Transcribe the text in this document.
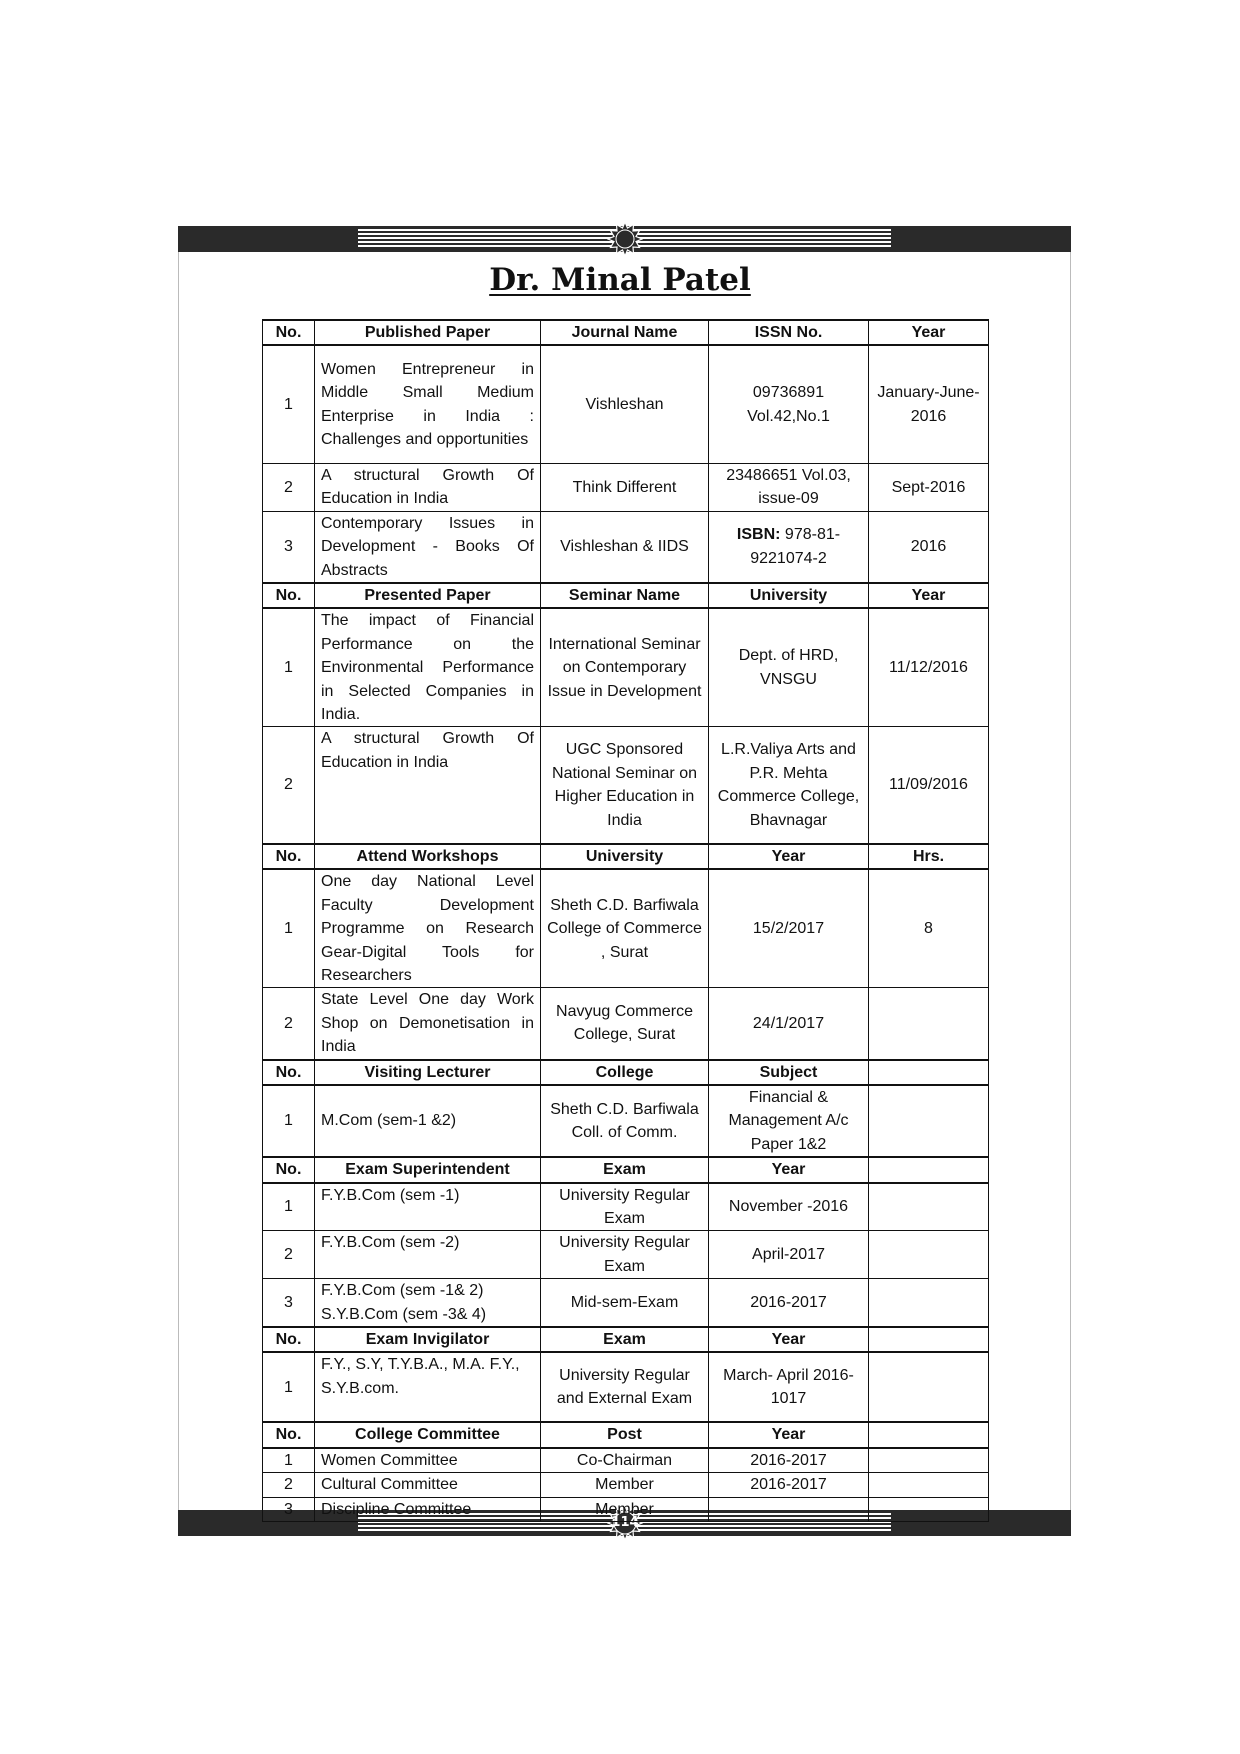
114
Dr. Minal Patel
No.	Published Paper	Journal Name	ISSN No.	Year
1	Women Entrepreneur in Middle Small Medium Enterprise in India : Challenges and opportunities	Vishleshan	09736891 Vol.42,No.1	January-June-2016
2	A structural Growth Of Education in India	Think Different	23486651 Vol.03, issue-09	Sept-2016
3	Contemporary Issues in Development - Books Of Abstracts	Vishleshan & IIDS	ISBN: 978-81-9221074-2	2016
No.	Presented Paper	Seminar Name	University	Year
1	The impact of Financial Performance on the Environmental Performance in Selected Companies in India.	International Seminar on Contemporary Issue in Development	Dept. of HRD, VNSGU	11/12/2016
2	A structural Growth Of Education in India	UGC Sponsored National Seminar on Higher Education in India	L.R.Valiya Arts and P.R. Mehta Commerce College, Bhavnagar	11/09/2016
No.	Attend Workshops	University	Year	Hrs.
1	One day National Level Faculty Development Programme on Research Gear-Digital Tools for Researchers	Sheth C.D. Barfiwala College of Commerce , Surat	15/2/2017	8
2	State Level One day Work Shop on Demonetisation in India	Navyug Commerce College, Surat	24/1/2017	
No.	Visiting Lecturer	College	Subject	
1	M.Com (sem-1 &2)	Sheth C.D. Barfiwala Coll. of Comm.	Financial & Management A/c Paper 1&2	
No.	Exam Superintendent	Exam	Year	
1	F.Y.B.Com (sem -1)	University Regular Exam	November -2016	
2	F.Y.B.Com (sem -2)	University Regular Exam	April-2017	
3	F.Y.B.Com (sem -1& 2) S.Y.B.Com (sem -3& 4)	Mid-sem-Exam	2016-2017	
No.	Exam Invigilator	Exam	Year	
1	F.Y., S.Y, T.Y.B.A., M.A. F.Y., S.Y.B.com.	University Regular and External Exam	March- April 2016-1017	
No.	College Committee	Post	Year	
1	Women Committee	Co-Chairman	2016-2017	
2	Cultural Committee	Member	2016-2017	
3	Discipline Committee	Member		
